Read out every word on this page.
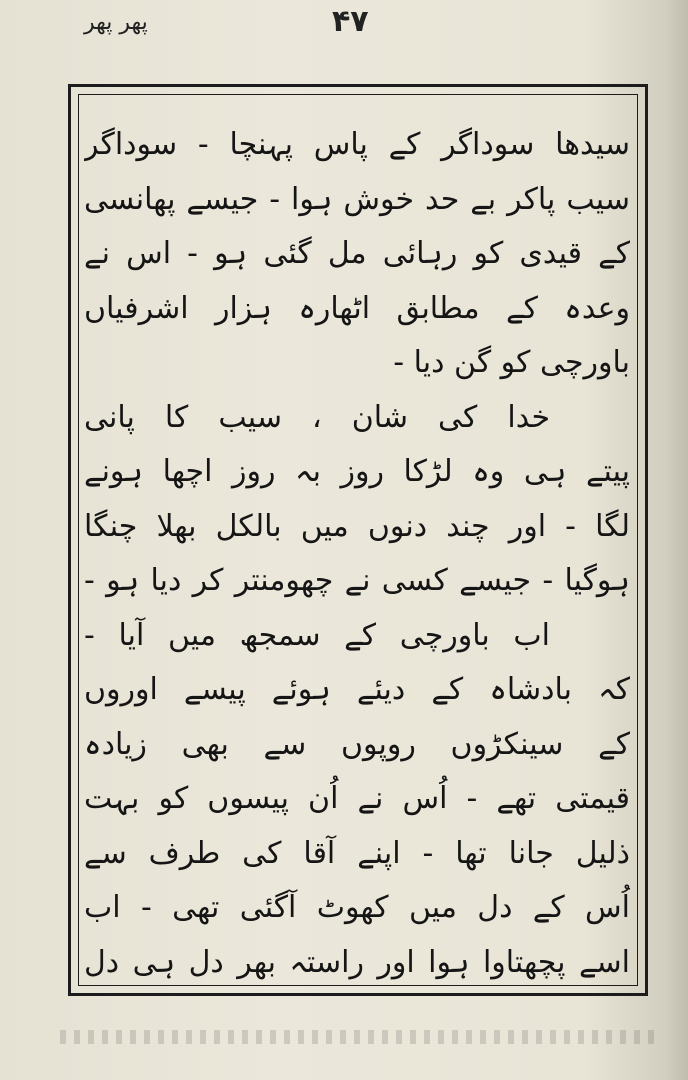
پھر پھر	۴۷
سیدھا سوداگر کے پاس پہنچا - سوداگر
سیب پاکر بے حد خوش ہوا - جیسے پھانسی
کے قیدی کو رہائی مل گئی ہو - اس نے
وعدہ کے مطابق اٹھارہ ہزار اشرفیاں
باورچی کو گن دیا -
خدا کی شان ، سیب کا پانی
پیتے ہی وہ لڑکا روز بہ روز اچھا ہونے
لگا - اور چند دنوں میں بالکل بھلا چنگا
ہوگیا - جیسے کسی نے چھومنتر کر دیا ہو -
اب باورچی کے سمجھ میں آیا -
کہ بادشاہ کے دیئے ہوئے پیسے اوروں
کے سینکڑوں روپوں سے بھی زیادہ
قیمتی تھے - اُس نے اُن پیسوں کو بہت
ذلیل جانا تھا - اپنے آقا کی طرف سے
اُس کے دل میں کھوٹ آگئی تھی - اب
اسے پچھتاوا ہوا اور راستہ بھر دل ہی دل
